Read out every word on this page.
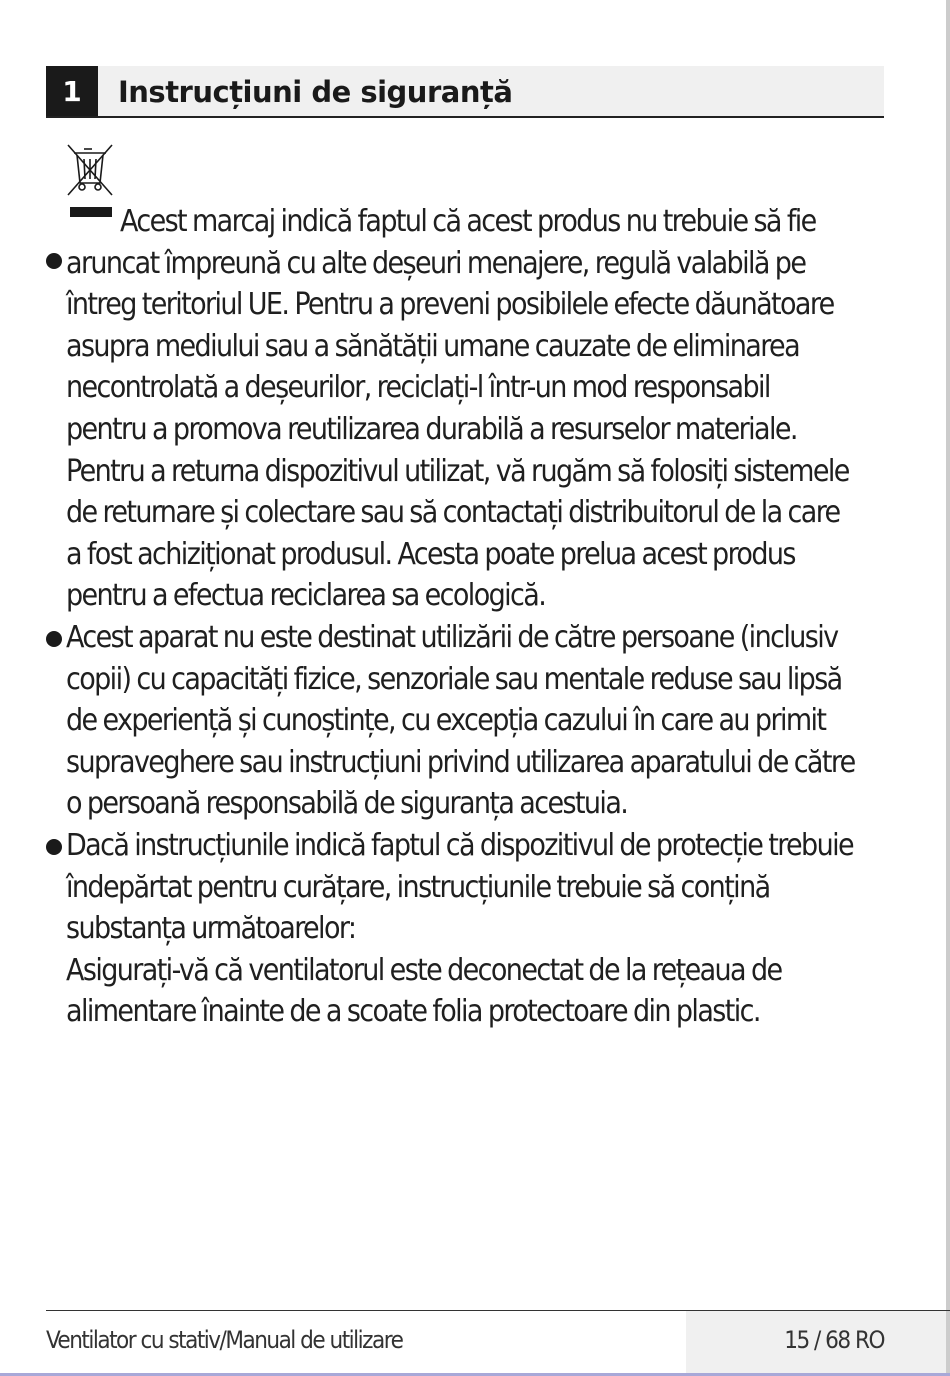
1	Instrucțiuni de siguranță
Acest marcaj indică faptul că acest produs nu trebuie să fie
aruncat împreună cu alte deșeuri menajere, regulă valabilă pe
întreg teritoriul UE. Pentru a preveni posibilele efecte dăunătoare
asupra mediului sau a sănătății umane cauzate de eliminarea
necontrolată a deșeurilor, reciclați-l într-un mod responsabil
pentru a promova reutilizarea durabilă a resurselor materiale.
Pentru a returna dispozitivul utilizat, vă rugăm să folosiți sistemele
de returnare și colectare sau să contactați distribuitorul de la care
a fost achiziționat produsul. Acesta poate prelua acest produs
pentru a efectua reciclarea sa ecologică.
Acest aparat nu este destinat utilizării de către persoane (inclusiv
copii) cu capacități fizice, senzoriale sau mentale reduse sau lipsă
de experiență și cunoștințe, cu excepția cazului în care au primit
supraveghere sau instrucțiuni privind utilizarea aparatului de către
o persoană responsabilă de siguranța acestuia.
Dacă instrucțiunile indică faptul că dispozitivul de protecție trebuie
îndepărtat pentru curățare, instrucțiunile trebuie să conțină
substanța următoarelor:
Asigurați-vă că ventilatorul este deconectat de la rețeaua de
alimentare înainte de a scoate folia protectoare din plastic.
Ventilator cu stativ/Manual de utilizare	15 / 68 RO
